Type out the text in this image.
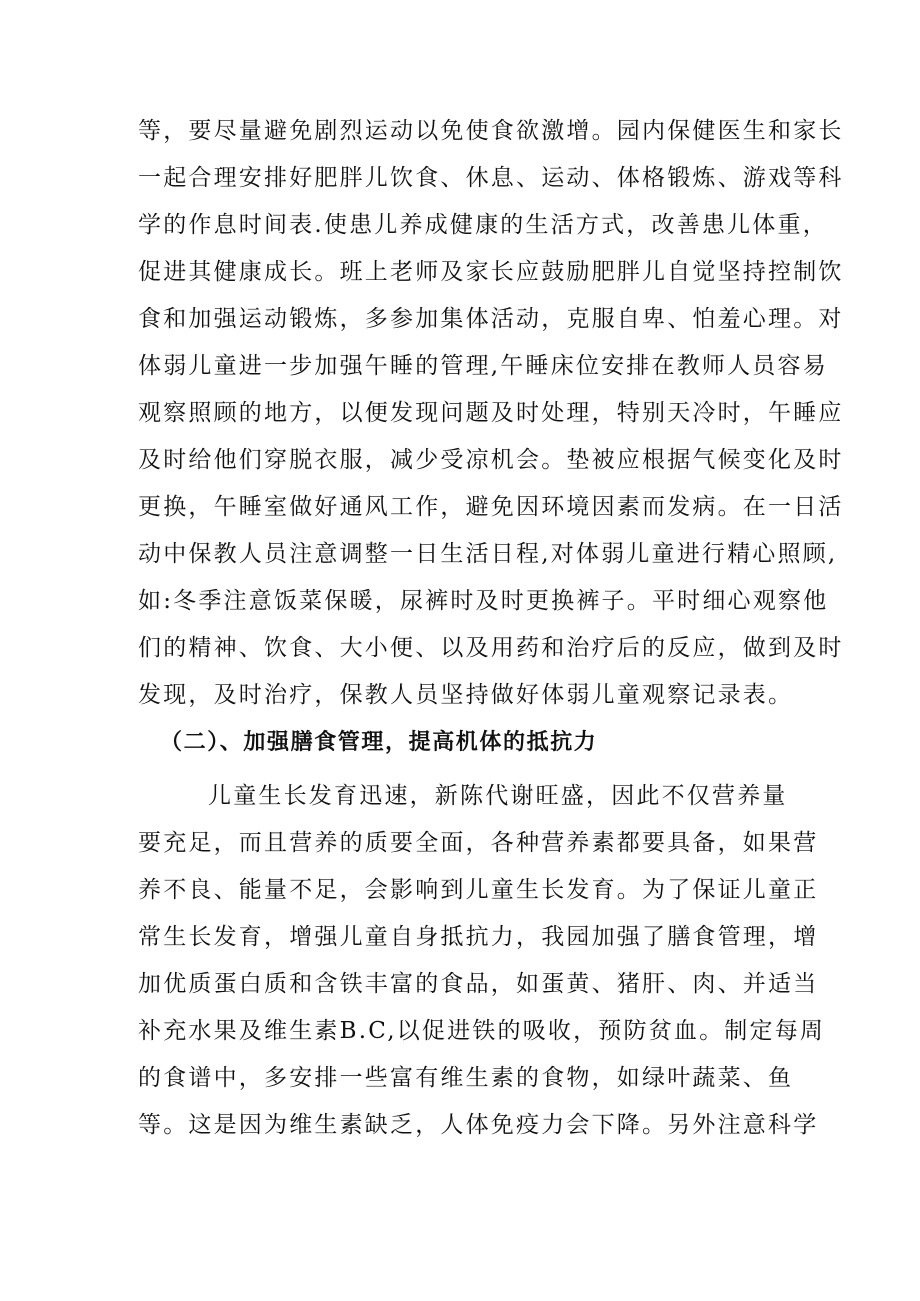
等，要尽量避免剧烈运动以免使食欲激增。园内保健医生和家长
一起合理安排好肥胖儿饮食、休息、运动、体格锻炼、游戏等科
学的作息时间表.使患儿养成健康的生活方式，改善患儿体重，
促进其健康成长。班上老师及家长应鼓励肥胖儿自觉坚持控制饮
食和加强运动锻炼，多参加集体活动，克服自卑、怕羞心理。对
体弱儿童进一步加强午睡的管理,午睡床位安排在教师人员容易
观察照顾的地方，以便发现问题及时处理，特别天冷时，午睡应
及时给他们穿脱衣服，减少受凉机会。垫被应根据气候变化及时
更换，午睡室做好通风工作，避免因环境因素而发病。在一日活
动中保教人员注意调整一日生活日程,对体弱儿童进行精心照顾,
如:冬季注意饭菜保暖，尿裤时及时更换裤子。平时细心观察他
们的精神、饮食、大小便、以及用药和治疗后的反应，做到及时
发现，及时治疗，保教人员坚持做好体弱儿童观察记录表。
（二）、加强膳食管理，提高机体的抵抗力
儿童生长发育迅速，新陈代谢旺盛，因此不仅营养量
要充足，而且营养的质要全面，各种营养素都要具备，如果营
养不良、能量不足，会影响到儿童生长发育。为了保证儿童正
常生长发育，增强儿童自身抵抗力，我园加强了膳食管理，增
加优质蛋白质和含铁丰富的食品，如蛋黄、猪肝、肉、并适当
补充水果及维生素B.C,以促进铁的吸收，预防贫血。制定每周
的食谱中，多安排一些富有维生素的食物，如绿叶蔬菜、鱼
等。这是因为维生素缺乏，人体免疫力会下降。另外注意科学
